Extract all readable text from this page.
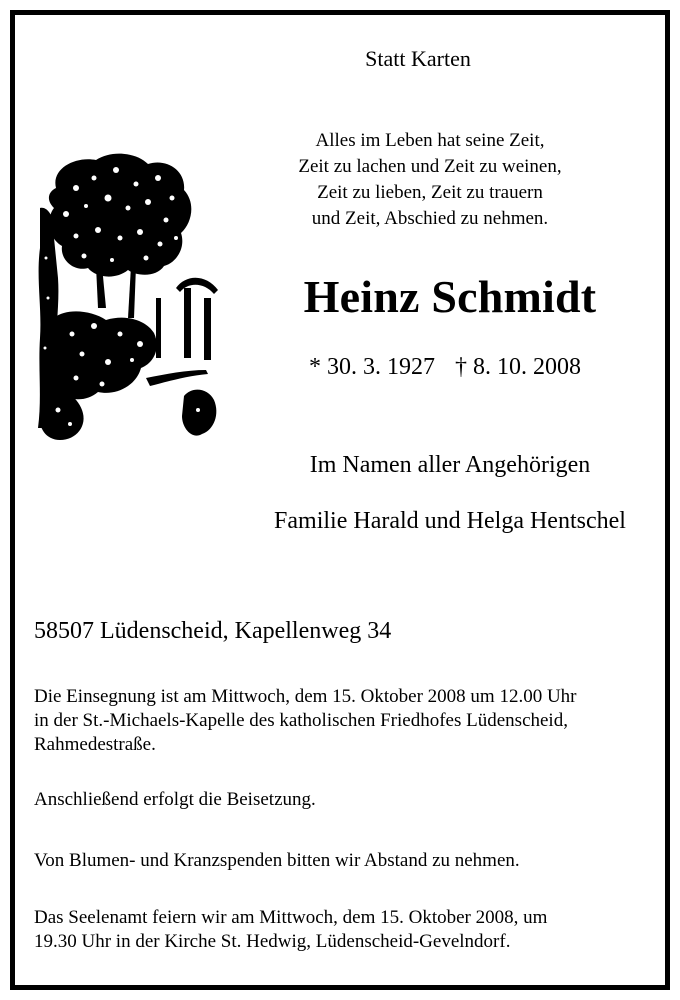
Statt Karten
Alles im Leben hat seine Zeit,
Zeit zu lachen und Zeit zu weinen,
Zeit zu lieben, Zeit zu trauern
und Zeit, Abschied zu nehmen.
Heinz Schmidt
* 30. 3. 1927 † 8. 10. 2008
Im Namen aller Angehörigen
Familie Harald und Helga Hentschel
58507 Lüdenscheid, Kapellenweg 34
Die Einsegnung ist am Mittwoch, dem 15. Oktober 2008 um 12.00 Uhr
in der St.-Michaels-Kapelle des katholischen Friedhofes Lüdenscheid,
Rahmedestraße.
Anschließend erfolgt die Beisetzung.
Von Blumen- und Kranzspenden bitten wir Abstand zu nehmen.
Das Seelenamt feiern wir am Mittwoch, dem 15. Oktober 2008, um
19.30 Uhr in der Kirche St. Hedwig, Lüdenscheid-Gevelndorf.
